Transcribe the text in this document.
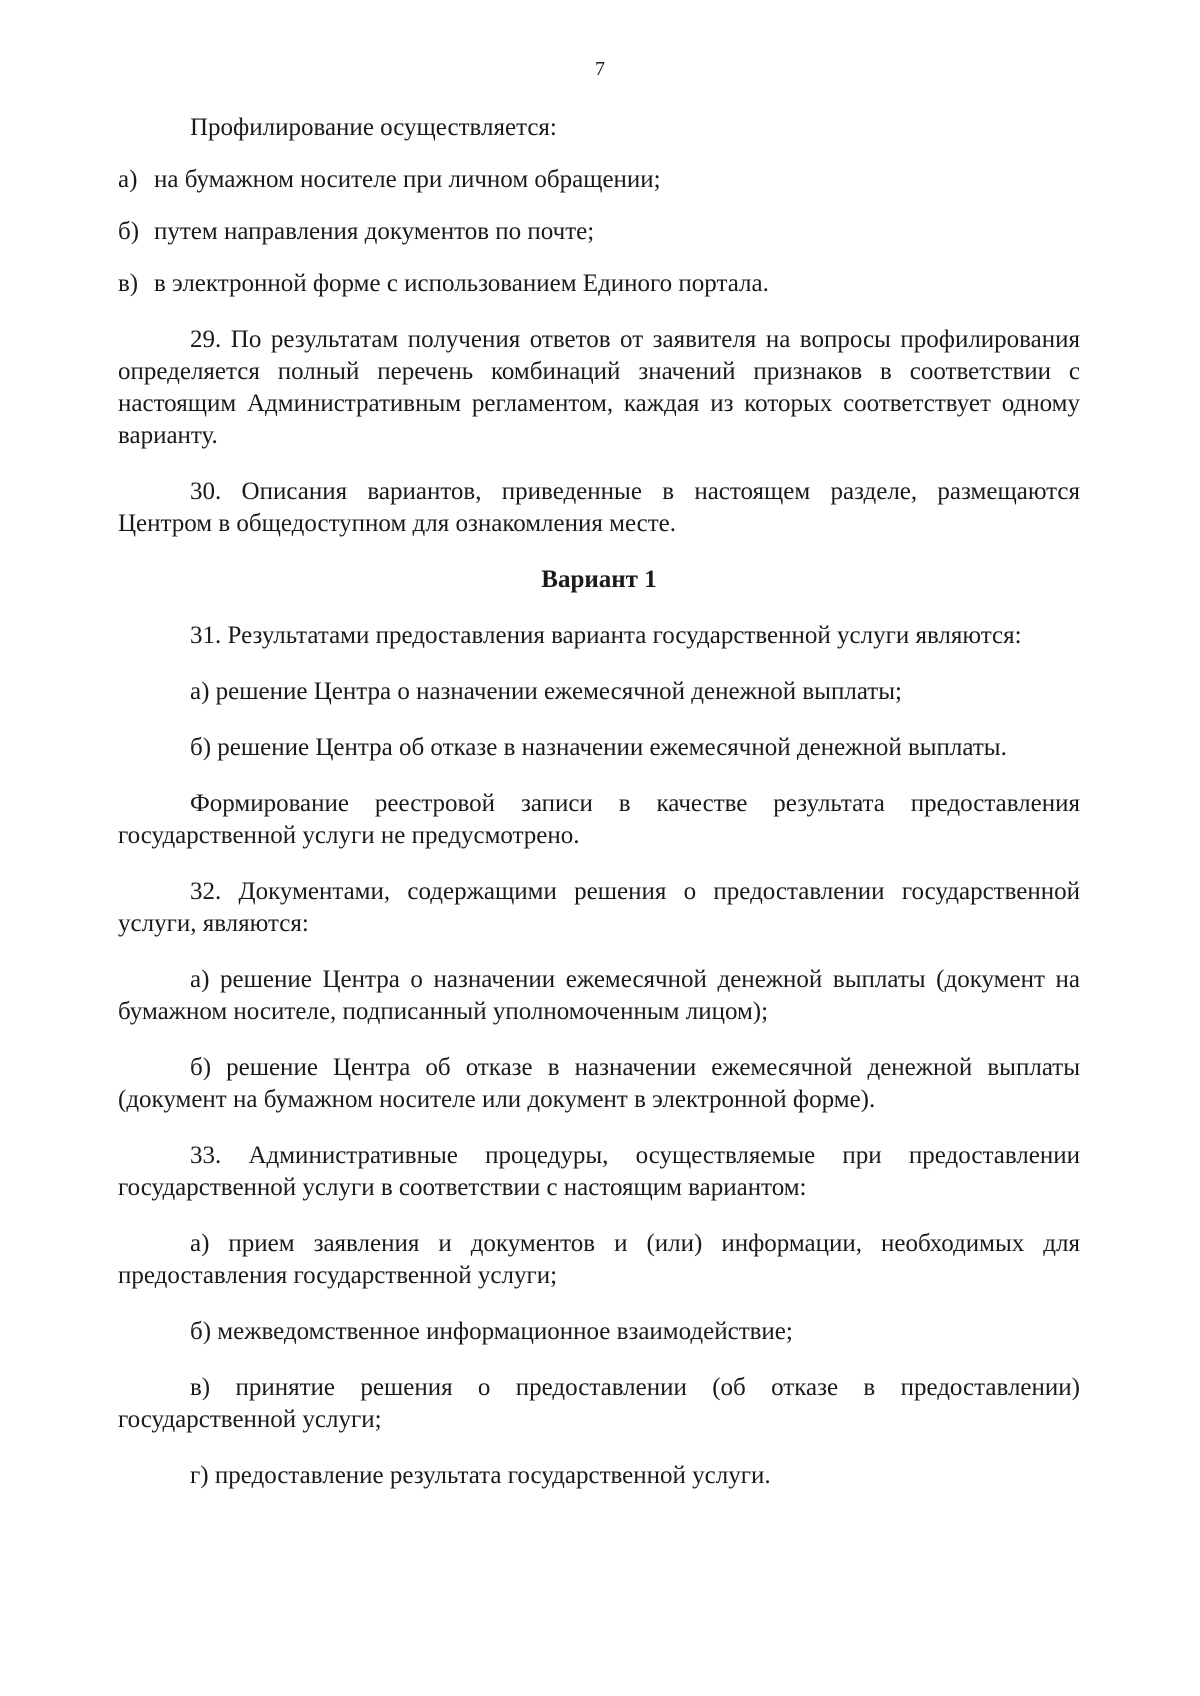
7

Профилирование осуществляется:

а) на бумажном носителе при личном обращении;

б) путем направления документов по почте;

в) в электронной форме с использованием Единого портала.

29. По результатам получения ответов от заявителя на вопросы профилирования определяется полный перечень комбинаций значений признаков в соответствии с настоящим Административным регламентом, каждая из которых соответствует одному варианту.

30. Описания вариантов, приведенные в настоящем разделе, размещаются Центром в общедоступном для ознакомления месте.

Вариант 1

31. Результатами предоставления варианта государственной услуги являются:

а) решение Центра о назначении ежемесячной денежной выплаты;

б) решение Центра об отказе в назначении ежемесячной денежной выплаты.

Формирование реестровой записи в качестве результата предоставления государственной услуги не предусмотрено.

32. Документами, содержащими решения о предоставлении государственной услуги, являются:

а) решение Центра о назначении ежемесячной денежной выплаты (документ на бумажном носителе, подписанный уполномоченным лицом);

б) решение Центра об отказе в назначении ежемесячной денежной выплаты (документ на бумажном носителе или документ в электронной форме).

33. Административные процедуры, осуществляемые при предоставлении государственной услуги в соответствии с настоящим вариантом:

а) прием заявления и документов и (или) информации, необходимых для предоставления государственной услуги;

б) межведомственное информационное взаимодействие;

в) принятие решения о предоставлении (об отказе в предоставлении) государственной услуги;

г) предоставление результата государственной услуги.
